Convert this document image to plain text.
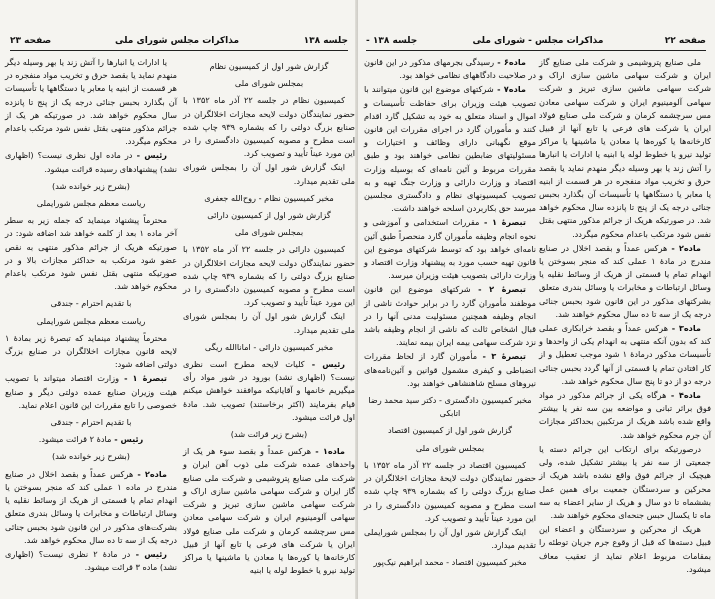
صفحه ۲۳	مذاکرات مجلس شورای ملی	جلسه ۱۳۸

گزارش شور اول از کمیسیون نظام

بمجلس شورای ملی

کمیسیون نظام در جلسه ۲۲ آذر ماه ۱۳۵۲ با حضور نمایندگان دولت لایحه مجازات اخلالگران در صنایع بزرگ دولتی را که بشماره ۹۳۹ چاپ شده است مطرح و مصوبه کمیسیون دادگستری را در این مورد عیناً تأیید و تصویب کرد.

اینک گزارش شور اول آن را بمجلس شورای ملی تقدیم میدارد.

مخبر کمیسیون نظام - روح‌الله جعفری

گزارش شور اول از کمیسیون دارائی

بمجلس شورای ملی

کمیسیون دارائی در جلسه ۲۲ آذر ماه ۱۳۵۲ با حضور نمایندگان دولت لایحه مجازات اخلالگران در صنایع بزرگ دولتی را که بشماره ۹۳۹ چاپ شده است مطرح و مصوبه کمیسیون دادگستری را در این مورد عیناً تأیید و تصویب کرد.

اینک گزارش شور اول آن را بمجلس شورای ملی تقدیم میدارد.

مخبر کمیسیون دارائی - اماناالله ریگی

رئیس - کلیات لایحه مطرح است نظری نیست؟ (اظهاری نشد) بورود در شور مواد رأی میگیریم خانمها و آقایانیکه موافقند خواهش میکنم قیام بفرمایند (اکثر برخاستند) تصویب شد. مادهٔ اول قرائت میشود.

(بشرح زیر قرائت شد)

ماده۱ - هرکس عمداً و بقصد سوء هر یک از واحدهای عمده شرکت ملی ذوب آهن ایران و شرکت ملی صنایع پتروشیمی و شرکت ملی صنایع گاز ایران و شرکت سهامی ماشین سازی اراک و شرکت سهامی ماشین سازی تبریز و شرکت سهامی آلومینیوم ایران و شرکت سهامی معادن مس سرچشمه کرمان و شرکت ملی صنایع فولاد ایران یا شرکت های فرعی یا تابع آنها از قبیل کارخانه‌ها یا کوره‌ها یا معادن یا ماشینها یا مراکز تولید نیرو یا خطوط لوله یا ابنیه

یا ادارات یا انبارها را آتش زند یا بهر وسیله دیگر منهدم نماید یا بقصد حرق و تخریب مواد منفجره در هر قسمت از ابنیه یا معابر یا دستگاهها یا تأسیسات آن بگذارد بحبس جنائی درجه یک از پنج تا پانزده سال محکوم خواهد شد. در صورتیکه هر یک از جرائم مذکور منتهی بقتل نفس شود مرتکب باعدام محکوم میگردد.

رئیس - در ماده اول نظری نیست؟ (اظهاری نشد) پیشنهادهای رسیده قرائت میشود.

(بشرح زیر خوانده شد)

ریاست معظم مجلس شورایملی

محترماً پیشنهاد مینماید که جمله زیر به سطر آخر ماده ۱ بعد از کلمه خواهد شد اضافه شود: در صورتیکه هریک از جرائم مذکور منتهی به نقص عضو شود مرتکب به حداکثر مجازات بالا و در صورتیکه منتهی بقتل نفس شود مرتکب باعدام محکوم خواهد شد.

با تقدیم احترام - جندقی

ریاست معظم مجلس شورایملی

محترماً پیشنهاد مینماید که تبصرهٔ زیر بمادهٔ ۱ لایحه قانون مجازات اخلالگران در صنایع بزرگ دولتی اضافه شود:

تبصرهٔ ۱ - وزارت اقتصاد میتواند با تصویب هیئت وزیران صنایع عمده دولتی دیگر و صنایع خصوصی را تابع مقررات این قانون اعلام نماید.

با تقدیم احترام - جندقی

رئیس - مادهٔ ۲ قرائت میشود.

(بشرح زیر خوانده شد)

ماده۲ - هرکس عمداً و بقصد اخلال در صنایع مندرج در ماده ۱ عملی کند که منجر بسوختن یا انهدام تمام یا قسمتی از هریک از وسائط نقلیه یا وسائل ارتباطات و مخابرات یا وسائل بندری متعلق بشرکت‌های مذکور در این قانون شود بحبس جنائی درجه یک از سه تا ده سال محکوم خواهد شد.

رئیس - در مادهٔ ۲ نظری نیست؟ (اظهاری نشد) ماده ۳ قرائت میشود.

جلسه ۱۳۸ -	مذاکرات مجلس - شورای ملی	صفحه ۲۲

ماده۶ - رسیدگی بجرمهای مذکور در این قانون در صلاحیت دادگاههای نظامی خواهد بود.

ماده۷ - شرکتهای موضوع این قانون میتوانند با تصویب هیئت وزیران برای حفاظت تأسیسات و اموال و اسناد متعلق به خود به تشکیل گارد اقدام کنند و مأموران گارد در اجرای مقررات این قانون موقع نگهبانی دارای وظائف و اختیارات و مسئولیتهای ضابطین نظامی خواهند بود و طبق مقررات مربوط و آئین نامه‌ای که بوسیله وزارت اقتصاد و وزارت دارائی و وزارت جنگ تهیه و به تصویب کمیسیونهای نظام و دادگستری مجلسین میرسد حق بکاربردن اسلحه خواهند داشت.

تبصرهٔ ۱ - مقررات استخدامی و آموزشی و نحوه انجام وظیفه مأموران گارد منحصراً طبق آئین نامه‌ای خواهد بود که توسط شرکتهای موضوع این قانون تهیه حسب مورد به پیشنهاد وزارت اقتصاد و وزارت دارائی بتصویب هیئت وزیران میرسد.

تبصرهٔ ۲ - شرکتهای موضوع این قانون موظفند مأموران گارد را در برابر حوادث ناشی از انجام وظیفه همچنین مسئولیت مدنی آنها را در قبال اشخاص ثالث که ناشی از انجام وظیفه باشد نزد شرکت سهامی بیمه ایران بیمه نمایند.

تبصرهٔ ۳ - مأموران گارد از لحاظ مقررات انضباطی و کیفری مشمول قوانین و آئین‌نامه‌های نیروهای مسلح شاهنشاهی خواهند بود.

مخبر کمیسیون دادگستری - دکتر سید محمد رضا اتابکی

گزارش شور اول از کمیسیون اقتصاد

بمجلس شورای ملی

کمیسیون اقتصاد در جلسه ۲۲ آذر ماه ۱۳۵۲ با حضور نمایندگان دولت لایحهٔ مجازات اخلالگران در صنایع بزرگ دولتی را که بشماره ۹۳۹ چاپ شده است مطرح و مصوبه کمیسیون دادگستری را در این مورد عیناً تأیید و تصویب کرد.

اینک گزارش شور اول آن را بمجلس شورایملی تقدیم میدارد.

مخبر کمیسیون اقتصاد - محمد ابراهیم نیک‌پور

ملی صنایع پتروشیمی و شرکت ملی صنایع گاز ایران و شرکت سهامی ماشین سازی اراک و شرکت سهامی ماشین سازی تبریز و شرکت سهامی آلومینیوم ایران و شرکت سهامی معادن مس سرچشمه کرمان و شرکت ملی صنایع فولاد ایران یا شرکت های فرعی یا تابع آنها از قبیل کارخانه‌ها یا کوره‌ها یا معادن یا ماشینها یا مراکز تولید نیرو یا خطوط لوله یا ابنیه یا ادارات یا انبارها را آتش زند یا بهر وسیله دیگر منهدم نماید یا بقصد حرق و تخریب مواد منفجره در هر قسمت از ابنیه یا معابر یا دستگاهها یا تأسیسات آن بگذارد بحبس جنائی درجه یک از پنج تا پانزده سال محکوم خواهد شد. در صورتیکه هریک از جرائم مذکور منتهی بقتل نفس شود مرتکب باعدام محکوم میگردد.

ماده۲ - هرکس عمداً و بقصد اخلال در صنایع مندرج در مادهٔ ۱ عملی کند که منجر بسوختن یا انهدام تمام یا قسمتی از هریک از وسائط نقلیه یا وسائل ارتباطات و مخابرات یا وسائل بندری متعلق بشرکتهای مذکور در این قانون شود بحبس جنائی درجه یک از سه تا ده سال محکوم خواهند شد.

ماده۳ - هرکس عمداً و بقصد خرابکاری عملی کند که بدون آنکه منتهی به انهدام یکی از واحدها و تأسیسات مذکور درمادهٔ ۱ شود موجب تعطیل و از کار افتادن تمام یا قسمتی از آنها گردد بحبس جنائی درجه دو از دو تا پنج سال محکوم خواهد شد.

ماده۴ - هرگاه یکی از جرائم مذکور در مواد فوق براثر تبانی و مواضعه بین سه نفر یا بیشتر واقع شده باشد هریک از مرتکبین بحداکثر مجازات آن جرم محکوم خواهد شد.

درصورتیکه برای ارتکاب این جرائم دسته یا جمعیتی از سه نفر یا بیشتر تشکیل شده، ولی هیچیک از جرائم فوق واقع نشده باشد هریک از محرکین و سردستگان جمعیت برای همین عمل بششماه تا دو سال و هریک از سایر اعضاء به سه ماه تا یکسال حبس جنحه‌ای محکوم خواهند شد.

هریک از محرکین و سردستگان و اعضاء این قبیل دسته‌ها که قبل از وقوع جرم جریان توطئه را بمقامات مربوط اعلام نماید از تعقیب معاف میشود.
